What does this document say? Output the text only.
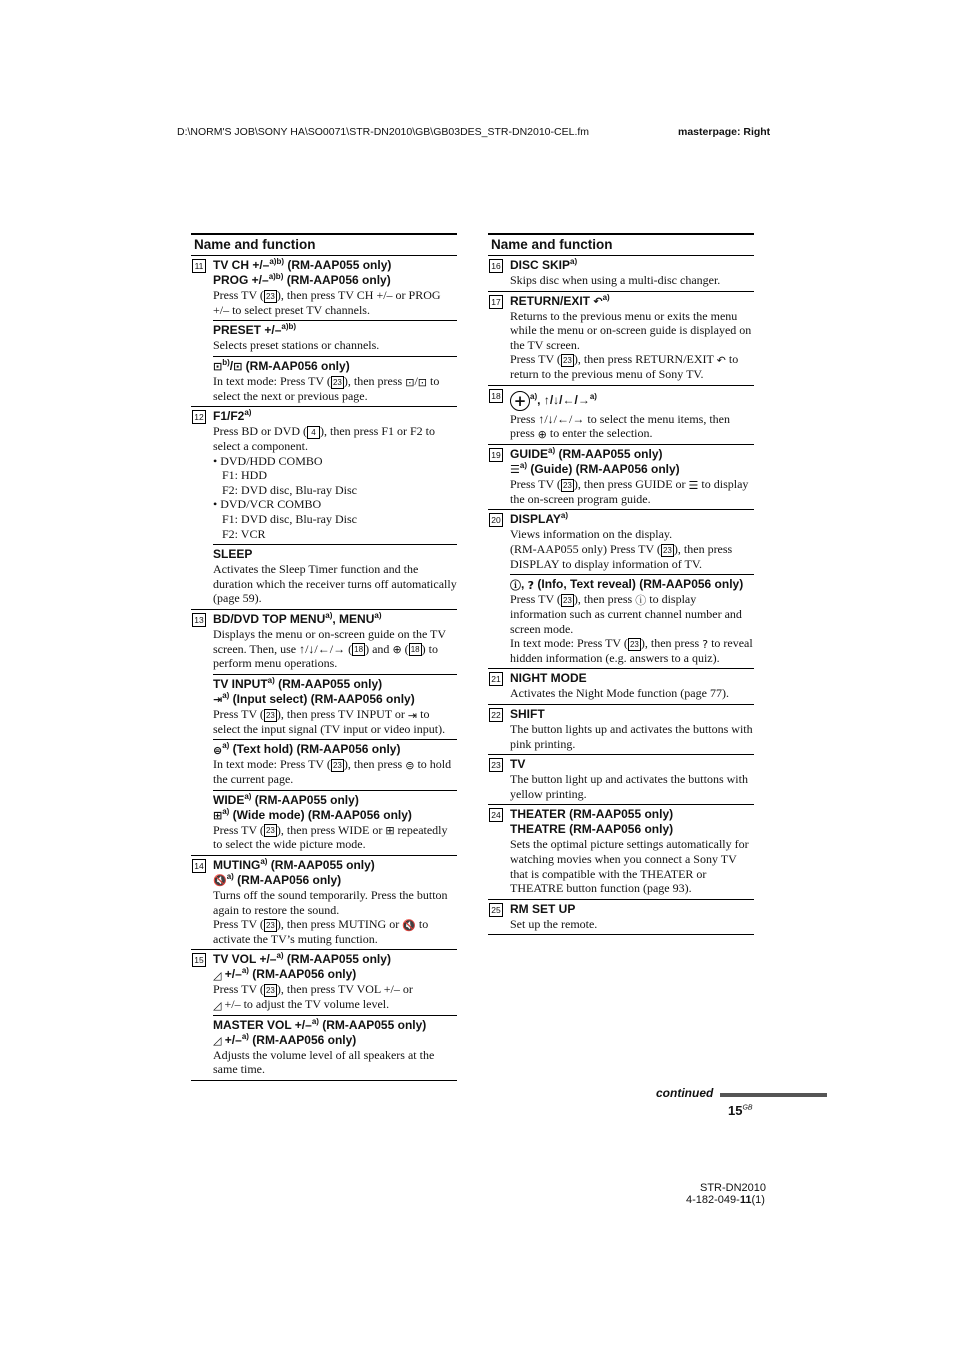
D:\NORM'S JOB\SONY HA\SO0071\STR-DN2010\GB\GB03DES_STR-DN2010-CEL.fm	masterpage: Right
Name and function
11 TV CH +/–$^{a)b)}$ (RM-AAP055 only)
PROG +/–$^{a)b)}$ (RM-AAP056 only)
Press TV ( 23 ), then press TV CH +/– or PROG +/– to select preset TV channels.
PRESET +/–$^{a)b)}$
Selects preset stations or channels.
⊡$^{b)}$/⊡ (RM-AAP056 only)
In text mode: Press TV ( 23 ), then press ⊡/⊡ to select the next or previous page.
12 F1/F2$^{a)}$
Press BD or DVD ( 4 ), then press F1 or F2 to select a component.
• DVD/HDD COMBO
F1: HDD
F2: DVD disc, Blu-ray Disc
• DVD/VCR COMBO
F1: DVD disc, Blu-ray Disc
F2: VCR
SLEEP
Activates the Sleep Timer function and the duration which the receiver turns off automatically (page 59).
13 BD/DVD TOP MENU$^{a)}$, MENU$^{a)}$
Displays the menu or on-screen guide on the TV screen. Then, use ↑/↓/←/→ ( 18 ) and ⊕ ( 18 ) to perform menu operations.
TV INPUT$^{a)}$ (RM-AAP055 only)
⇥$^{a)}$ (Input select) (RM-AAP056 only)
Press TV ( 23 ), then press TV INPUT or ⇥ to select the input signal (TV input or video input).
⊜$^{a)}$ (Text hold) (RM-AAP056 only)
In text mode: Press TV ( 23 ), then press ⊜ to hold the current page.
WIDE$^{a)}$ (RM-AAP055 only)
⊞$^{a)}$ (Wide mode) (RM-AAP056 only)
Press TV ( 23 ), then press WIDE or ⊞ repeatedly to select the wide picture mode.
14 MUTING$^{a)}$ (RM-AAP055 only)
🔇$^{a)}$ (RM-AAP056 only)
Turns off the sound temporarily. Press the button again to restore the sound.
Press TV ( 23 ), then press MUTING or 🔇 to activate the TV’s muting function.
15 TV VOL +/–$^{a)}$ (RM-AAP055 only)
◿ +/–$^{a)}$ (RM-AAP056 only)
Press TV ( 23 ), then press TV VOL +/– or
◿ +/– to adjust the TV volume level.
MASTER VOL +/–$^{a)}$ (RM-AAP055 only)
◿ +/–$^{a)}$ (RM-AAP056 only)
Adjusts the volume level of all speakers at the same time.
Name and function
16 DISC SKIP$^{a)}$
Skips disc when using a multi-disc changer.
17 RETURN/EXIT ↶$^{a)}$
Returns to the previous menu or exits the menu while the menu or on-screen guide is displayed on the TV screen.
Press TV ( 23 ), then press RETURN/EXIT ↶ to return to the previous menu of Sony TV.
18 + $^{a)}$, ↑/↓/←/→$^{a)}$
Press ↑/↓/←/→ to select the menu items, then press ⊕ to enter the selection.
19 GUIDE$^{a)}$ (RM-AAP055 only)
☰$^{a)}$ (Guide) (RM-AAP056 only)
Press TV ( 23 ), then press GUIDE or ☰ to display the on-screen program guide.
20 DISPLAY$^{a)}$
Views information on the display.
(RM-AAP055 only) Press TV ( 23 ), then press DISPLAY to display information of TV.
ⓘ, ? (Info, Text reveal) (RM-AAP056 only)
Press TV ( 23 ), then press ⓘ to display information such as current channel number and screen mode.
In text mode: Press TV ( 23 ), then press ? to reveal hidden information (e.g. answers to a quiz).
21 NIGHT MODE
Activates the Night Mode function (page 77).
22 SHIFT
The button lights up and activates the buttons with pink printing.
23 TV
The button light up and activates the buttons with yellow printing.
24 THEATER (RM-AAP055 only)
THEATRE (RM-AAP056 only)
Sets the optimal picture settings automatically for watching movies when you connect a Sony TV that is compatible with the THEATER or THEATRE button function (page 93).
25 RM SET UP
Set up the remote.
continued
$15^{GB}$
STR-DN2010
4-182-049-11(1)
